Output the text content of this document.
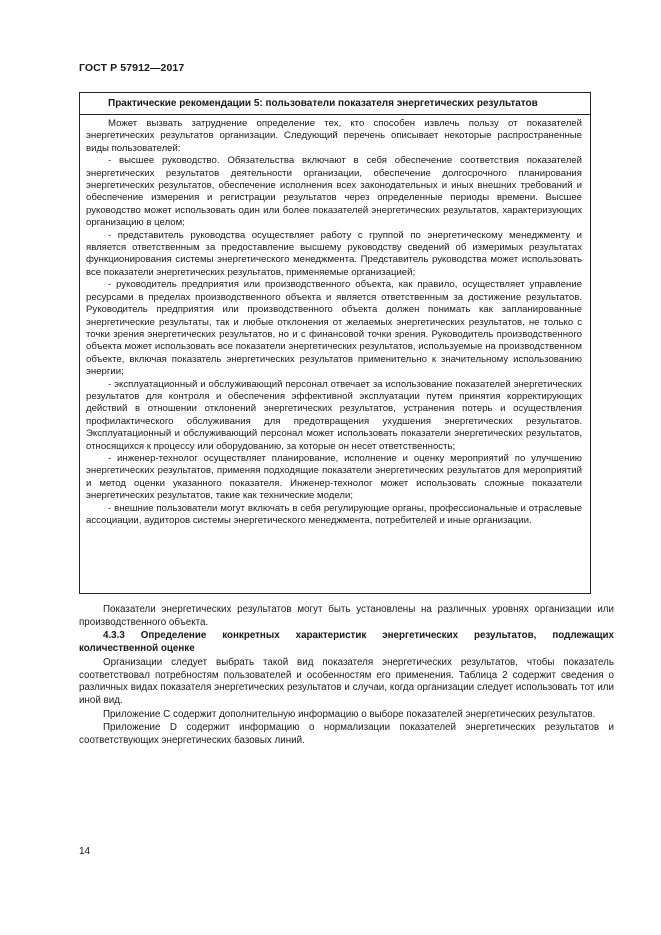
ГОСТ Р 57912—2017
Практические рекомендации 5: пользователи показателя энергетических результатов

Может вызвать затруднение определение тех, кто способен извлечь пользу от показателей энергетических результатов организации. Следующий перечень описывает некоторые распространенные виды пользователей:

- высшее руководство. Обязательства включают в себя обеспечение соответствия показателей энергетических результатов деятельности организации, обеспечение долгосрочного планирования энергетических результатов, обеспечение исполнения всех законодательных и иных внешних требований и обеспечение измерения и регистрации результатов через определенные периоды времени. Высшее руководство может использовать один или более показателей энергетических результатов, характеризующих организацию в целом;

- представитель руководства осуществляет работу с группой по энергетическому менеджменту и является ответственным за предоставление высшему руководству сведений об измеримых результатах функционирования системы энергетического менеджмента. Представитель руководства может использовать все показатели энергетических результатов, применяемые организацией;

- руководитель предприятия или производственного объекта, как правило, осуществляет управление ресурсами в пределах производственного объекта и является ответственным за достижение результатов. Руководитель предприятия или производственного объекта должен понимать как запланированные энергетические результаты, так и любые отклонения от желаемых энергетических результатов, не только с точки зрения энергетических результатов, но и с финансовой точки зрения. Руководитель производственного объекта может использовать все показатели энергетических результатов, используемые на производственном объекте, включая показатель энергетических результатов применительно к значительному использованию энергии;

- эксплуатационный и обслуживающий персонал отвечает за использование показателей энергетических результатов для контроля и обеспечения эффективной эксплуатации путем принятия корректирующих действий в отношении отклонений энергетических результатов, устранения потерь и осуществления профилактического обслуживания для предотвращения ухудшения энергетических результатов. Эксплуатационный и обслуживающий персонал может использовать показатели энергетических результатов, относящихся к процессу или оборудованию, за которые он несет ответственность;

- инженер-технолог осуществляет планирование, исполнение и оценку мероприятий по улучшению энергетических результатов, применяя подходящие показатели энергетических результатов для мероприятий и метод оценки указанного показателя. Инженер-технолог может использовать сложные показатели энергетических результатов, такие как технические модели;

- внешние пользователи могут включать в себя регулирующие органы, профессиональные и отраслевые ассоциации, аудиторов системы энергетического менеджмента, потребителей и иные организации.

Показатели энергетических результатов могут быть установлены на различных уровнях организации или производственного объекта.

4.3.3 Определение конкретных характеристик энергетических результатов, подлежащих количественной оценке

Организации следует выбрать такой вид показателя энергетических результатов, чтобы показатель соответствовал потребностям пользователей и особенностям его применения. Таблица 2 содержит сведения о различных видах показателя энергетических результатов и случаи, когда организации следует использовать тот или иной вид.

Приложение С содержит дополнительную информацию о выборе показателей энергетических результатов.

Приложение D содержит информацию о нормализации показателей энергетических результатов и соответствующих энергетических базовых линий.

14
